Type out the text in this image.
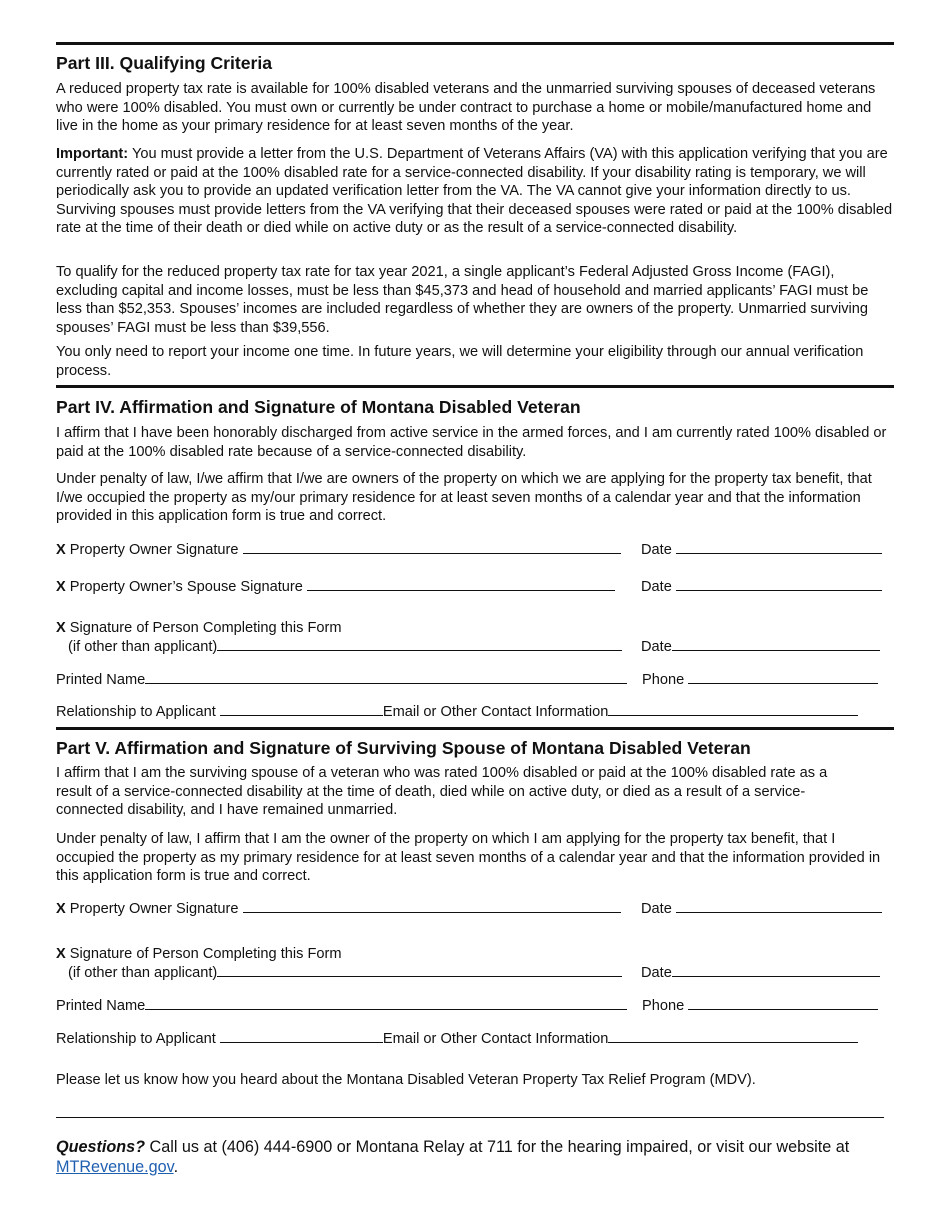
Part III. Qualifying Criteria

A reduced property tax rate is available for 100% disabled veterans and the unmarried surviving spouses of deceased veterans who were 100% disabled. You must own or currently be under contract to purchase a home or mobile/manufactured home and live in the home as your primary residence for at least seven months of the year.

Important: You must provide a letter from the U.S. Department of Veterans Affairs (VA) with this application verifying that you are currently rated or paid at the 100% disabled rate for a service-connected disability. If your disability rating is temporary, we will periodically ask you to provide an updated verification letter from the VA. The VA cannot give your information directly to us. Surviving spouses must provide letters from the VA verifying that their deceased spouses were rated or paid at the 100% disabled rate at the time of their death or died while on active duty or as the result of a service-connected disability.

To qualify for the reduced property tax rate for tax year 2021, a single applicant’s Federal Adjusted Gross Income (FAGI), excluding capital and income losses, must be less than $45,373 and head of household and married applicants’ FAGI must be less than $52,353. Spouses’ incomes are included regardless of whether they are owners of the property. Unmarried surviving spouses’ FAGI must be less than $39,556.

You only need to report your income one time. In future years, we will determine your eligibility through our annual verification process.

Part IV. Affirmation and Signature of Montana Disabled Veteran

I affirm that I have been honorably discharged from active service in the armed forces, and I am currently rated 100% disabled or paid at the 100% disabled rate because of a service-connected disability.

Under penalty of law, I/we affirm that I/we are owners of the property on which we are applying for the property tax benefit, that I/we occupied the property as my/our primary residence for at least seven months of a calendar year and that the information provided in this application form is true and correct.

X Property Owner Signature	Date
X Property Owner’s Spouse Signature	Date
X Signature of Person Completing this Form
(if other than applicant)	Date
Printed Name	Phone
Relationship to Applicant	Email or Other Contact Information
Part V. Affirmation and Signature of Surviving Spouse of Montana Disabled Veteran

I affirm that I am the surviving spouse of a veteran who was rated 100% disabled or paid at the 100% disabled rate as a result of a service-connected disability at the time of death, died while on active duty, or died as a result of a service-connected disability, and I have remained unmarried.

Under penalty of law, I affirm that I am the owner of the property on which I am applying for the property tax benefit, that I occupied the property as my primary residence for at least seven months of a calendar year and that the information provided in this application form is true and correct.

X Property Owner Signature	Date
X Signature of Person Completing this Form
(if other than applicant)	Date
Printed Name	Phone
Relationship to Applicant	Email or Other Contact Information

Please let us know how you heard about the Montana Disabled Veteran Property Tax Relief Program (MDV).

Questions? Call us at (406) 444-6900 or Montana Relay at 711 for the hearing impaired, or visit our website at MTRevenue.gov.
